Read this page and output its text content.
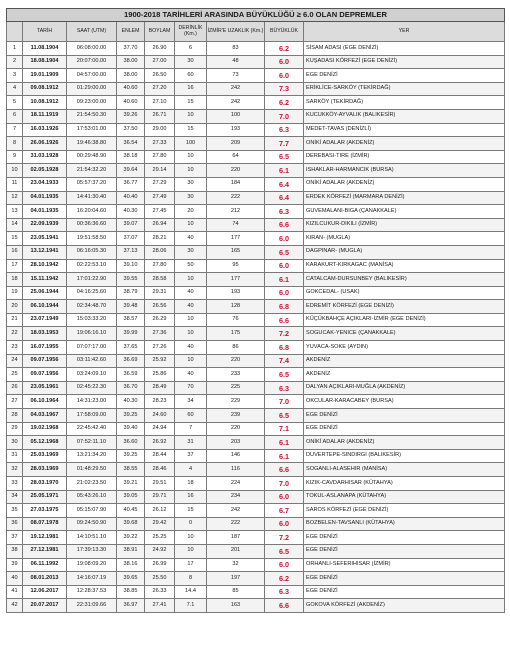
1900-2018 TARİHLERİ ARASINDA BÜYÜKLÜĞÜ ≥ 6.0 OLAN DEPREMLER								
	TARİH	SAAT (UTM)	ENLEM	BOYLAM	DERİNLİK (Km.)	İZMİR'E UZAKLIK (Km.)	BÜYÜKLÜK	YER
1	11.08.1904	06:08:00.00	37.70	26.90	6	83	6.2	SİSAM ADASI (EGE DENİZİ)
2	18.08.1904	20:07:00.00	38.00	27.00	30	48	6.0	KUŞADASI KÖRFEZİ (EGE DENİZİ)
3	19.01.1909	04:57:00.00	38.00	26.50	60	73	6.0	EGE DENİZİ
4	09.08.1912	01:29:00.00	40.60	27.20	16	242	7.3	ERİKLİCE-SARKÖY (TEKİRDAĞ)
5	10.08.1912	09:23:00.00	40.60	27.10	15	242	6.2	SARKÖY (TEKİRDAĞ)
6	18.11.1919	21:54:50.30	39.26	26.71	10	100	7.0	KUCUKKÖY-AYVALIK (BALIKESİR)
7	16.03.1926	17:53:01.00	37.50	29.00	15	193	6.3	MEDET-TAVAS (DENİZLİ)
8	26.06.1926	19:46:38.80	36.54	27.33	100	209	7.7	ONİKİ ADALAR (AKDENİZ)
9	31.03.1928	00:29:48.90	38.18	27.80	10	64	6.5	DEREBASI-TIRE (İZMİR)
10	02.05.1928	21:54:32.20	39.64	29.14	10	220	6.1	ISHAKLAR-HARMANCIK (BURSA)
11	23.04.1933	05:57:37.20	36.77	27.29	30	184	6.4	ONİKİ ADALAR (AKDENİZ)
12	04.01.1935	14:41:30.40	40.40	27.49	30	222	6.4	ERDEK KÖRFEZİ (MARMARA DENİZİ)
13	04.01.1935	16:20:04.60	40.30	27.45	20	212	6.3	GUVEMALANI-BIGA (ÇANAKKALE)
14	22.09.1939	00:36:36.60	39.07	26.94	10	74	6.6	KIZILCUKUR-DIKILI (İZMİR)
15	23.05.1941	19:51:58.50	37.07	28.21	40	177	6.0	KIRAN- (MUGLA)
16	13.12.1941	06:16:05.30	37.13	28.06	30	165	6.5	DAGPINAR- (MUGLA)
17	28.10.1942	02:22:53.10	39.10	27.80	50	95	6.0	KARAKURT-KIRKAGAC (MANİSA)
18	15.11.1942	17:01:22.90	39.55	28.58	10	177	6.1	CATALCAM-DURSUNBEY (BALIKESİR)
19	25.06.1944	04:16:25.60	38.79	29.31	40	193	6.0	GOKCEDAL- (USAK)
20	06.10.1944	02:34:48.70	39.48	26.56	40	128	6.8	EDREMİT KÖRFEZİ (EGE DENİZİ)
21	23.07.1949	15:03:33.20	38.57	26.29	10	76	6.6	KÜÇÜKBAHÇE AÇIKLARI-İZMİR (EGE DENİZİ)
22	18.03.1953	19:06:16.10	39.99	27.36	10	175	7.2	SOGUCAK-YENICE (ÇANAKKALE)
23	16.07.1955	07:07:17.00	37.65	27.26	40	86	6.8	YUVACA-SOKE (AYDIN)
24	09.07.1956	03:11:42.60	36.69	25.92	10	220	7.4	AKDENİZ
25	09.07.1956	03:24:09.10	36.59	25.86	40	233	6.5	AKDENİZ
26	23.05.1961	02:45:22.30	36.70	28.49	70	225	6.3	DALYAN AÇIKLARI-MUĞLA (AKDENİZ)
27	06.10.1964	14:31:23.00	40.30	28.23	34	229	7.0	OKCULAR-KARACABEY (BURSA)
28	04.03.1967	17:58:09.00	39.25	24.60	60	239	6.5	EGE DENİZİ
29	19.02.1968	22:45:42.40	39.40	24.94	7	220	7.1	EGE DENİZİ
30	05.12.1968	07:52:11.10	36.60	26.92	31	203	6.1	ONİKİ ADALAR (AKDENİZ)
31	25.03.1969	13:21:34.20	39.25	28.44	37	146	6.1	DUVERTEPE-SINDIRGI (BALIKESİR)
32	28.03.1969	01:48:29.50	38.55	28.46	4	116	6.6	SOGANLI-ALASEHIR (MANİSA)
33	28.03.1970	21:02:23.50	39.21	29.51	18	224	7.0	KIZIK-CAVDARHISAR (KÜTAHYA)
34	25.05.1971	05:43:26.10	39.05	29.71	16	234	6.0	TOKUL-ASLANAPA (KÜTAHYA)
35	27.03.1975	05:15:07.90	40.45	26.12	15	242	6.7	SAROS KÖRFEZİ (EGE DENİZİ)
36	08.07.1978	09:24:50.90	39.68	29.42	0	222	6.0	BOZBELEN-TAVSANLI (KÜTAHYA)
37	19.12.1981	14:10:51.10	39.22	25.25	10	187	7.2	EGE DENİZİ
38	27.12.1981	17:39:13.30	38.91	24.92	10	201	6.5	EGE DENİZİ
39	06.11.1992	19:08:09.20	38.16	26.99	17	32	6.0	ORHANLI-SEFERIHISAR (İZMİR)
40	08.01.2013	14:16:07.19	39.65	25.50	8	197	6.2	EGE DENİZİ
41	12.06.2017	12:28:37.53	38.85	26.33	14.4	85	6.3	EGE DENİZİ
42	20.07.2017	22:31:09.66	36.97	27.41	7.1	163	6.6	GOKOVA KÖRFEZİ (AKDENİZ)
